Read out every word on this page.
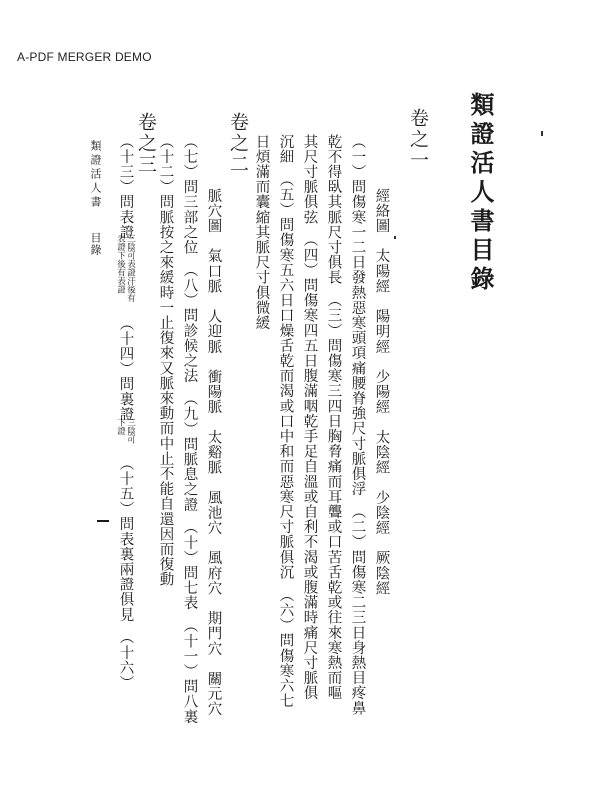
A-PDF MERGER DEMO
類證活人書目錄
卷之一
經絡圖　太陽經　陽明經　少陽經　太陰經　少陰經　厥陰經
（一）問傷寒一二日發熱惡寒頭項痛腰脊強尺寸脈俱浮　（二）問傷寒二三日身熱目疼鼻
乾不得臥其脈尺寸俱長　（三）問傷寒三四日胸脅痛而耳聾或口苦舌乾或往來寒熱而嘔
其尺寸脈俱弦　（四）問傷寒四五日腹滿咽乾手足自溫或自利不渴或腹滿時痛尺寸脈俱
沉細　（五）問傷寒五六日口燥舌乾而渴或口中和而惡寒尺寸脈俱沉　（六）問傷寒六七
日煩滿而囊縮其脈尺寸俱微緩
卷之二
脈穴圖　氣口脈　人迎脈　衝陽脈　太谿脈　風池穴　風府穴　期門穴　關元穴
（七）問三部之位　（八）問診候之法　（九）問脈息之證　（十）問七表　（十一）問八裏
（十二）問脈按之來緩時一止復來又脈來動而中止不能自還因而復動
卷之三
（十三）問表證
三陰可表證汗後有
表證下後有表證
（十四）問裏證
三陰可
下證
（十五）問表裏兩證俱見　（十六）
類證活人書
目錄
